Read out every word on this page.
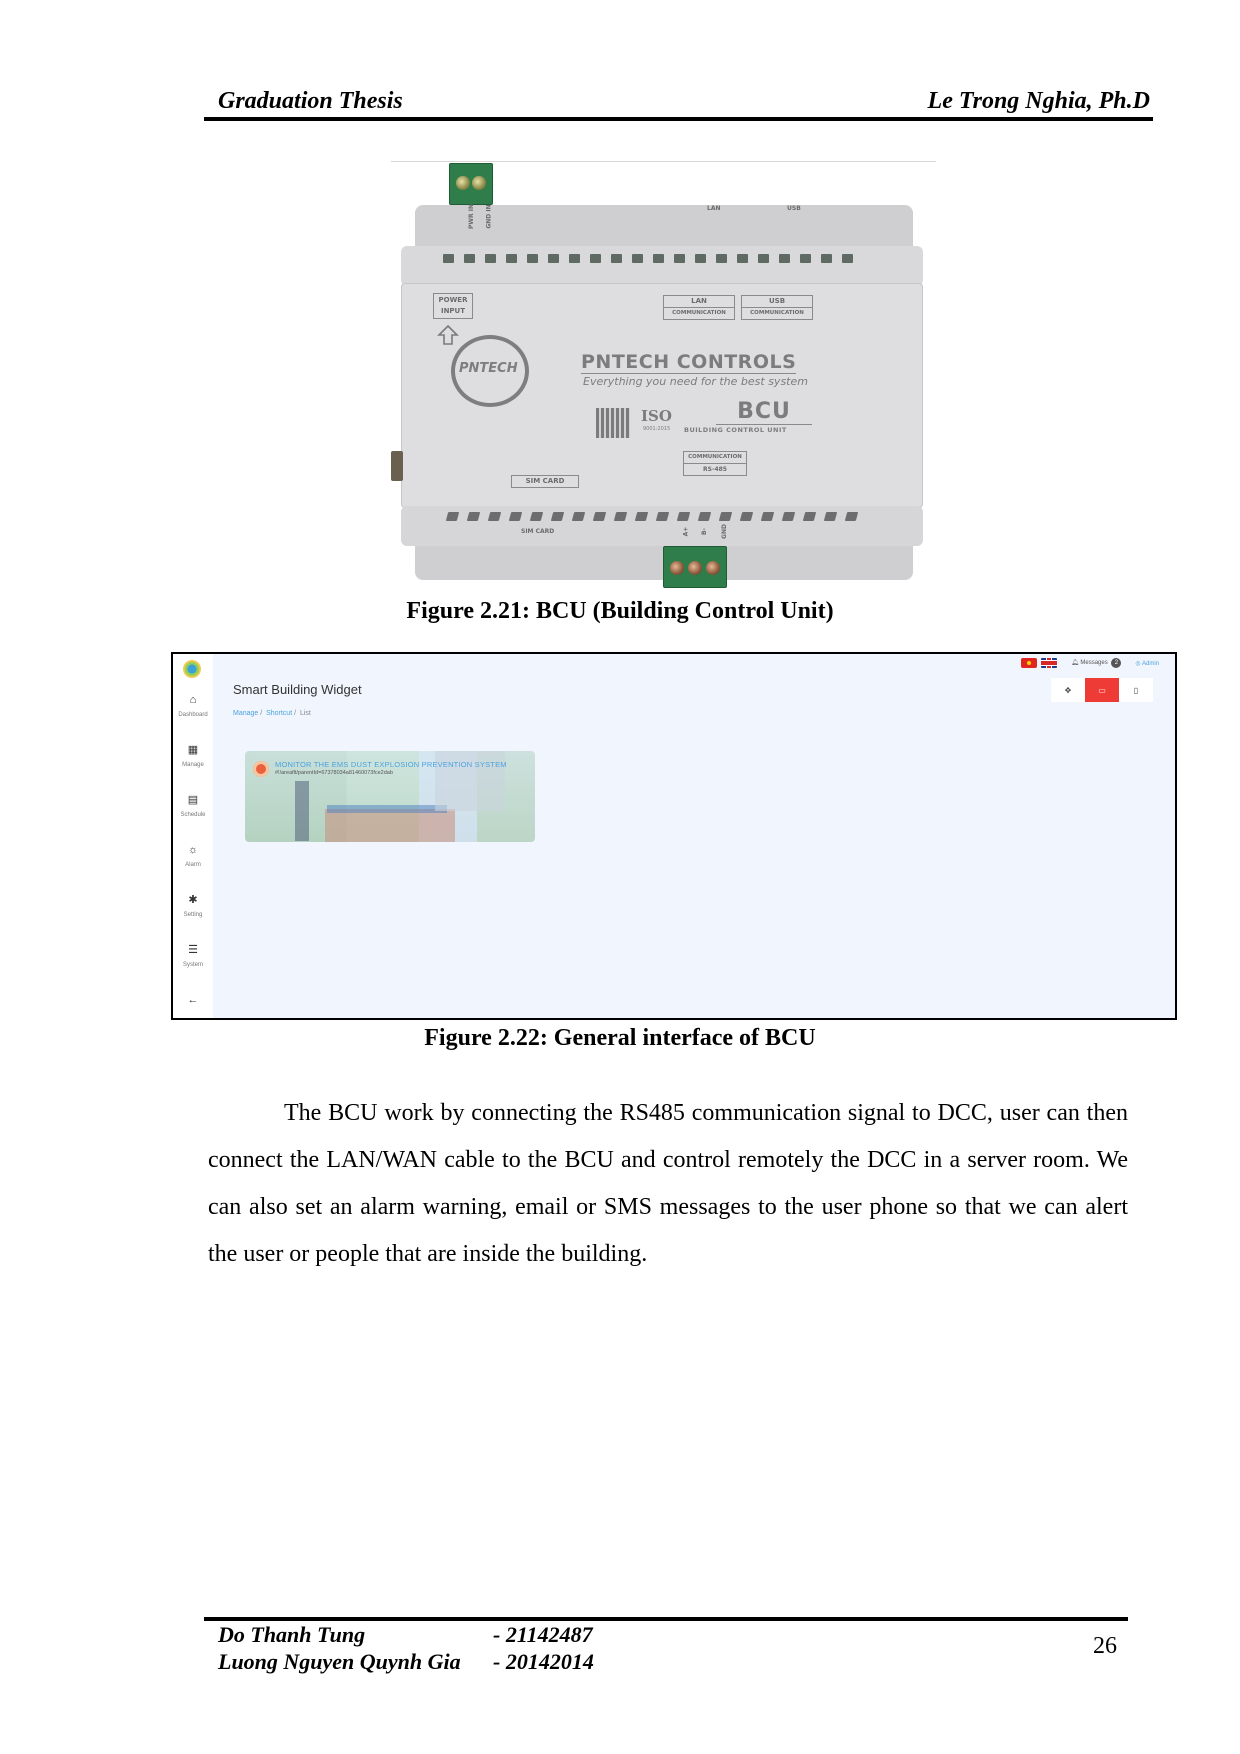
Graduation Thesis	Le Trong Nghia, Ph.D
PWR IN GND IN	LAN	USB
POWER
INPUT
LAN
COMMUNICATION
USB
COMMUNICATION
PNTECH	PNTECH CONTROLS
Everything you need for the best system
ISO
9001:2015
BCU
BUILDING CONTROL UNIT
COMMUNICATION
RS-485
SIM CARD
SIM CARD	A+ B- GND
Figure 2.21: BCU (Building Control Unit)
⌂
Dashboard
▦
Manage
▤
Schedule
☼
Alarm
✱
Setting
☰
System
←
Smart Building Widget
Manage /  Shortcut /  List
🔔︎ Messages 2	◎ Admin
✥	▭	▯
MONITOR THE EMS DUST EXPLOSION PREVENTION SYSTEM
#!/areaflt/parentId=67378034a81460073fce2dab
Figure 2.22: General interface of BCU
The BCU work by connecting the RS485 communication signal to DCC, user can then connect the LAN/WAN cable to the BCU and control remotely the DCC in a server room. We can also set an alarm warning, email or SMS messages to the user phone so that we can alert the user or people that are inside the building.
Do Thanh Tung	- 21142487
Luong Nguyen Quynh Gia - 20142014
26
